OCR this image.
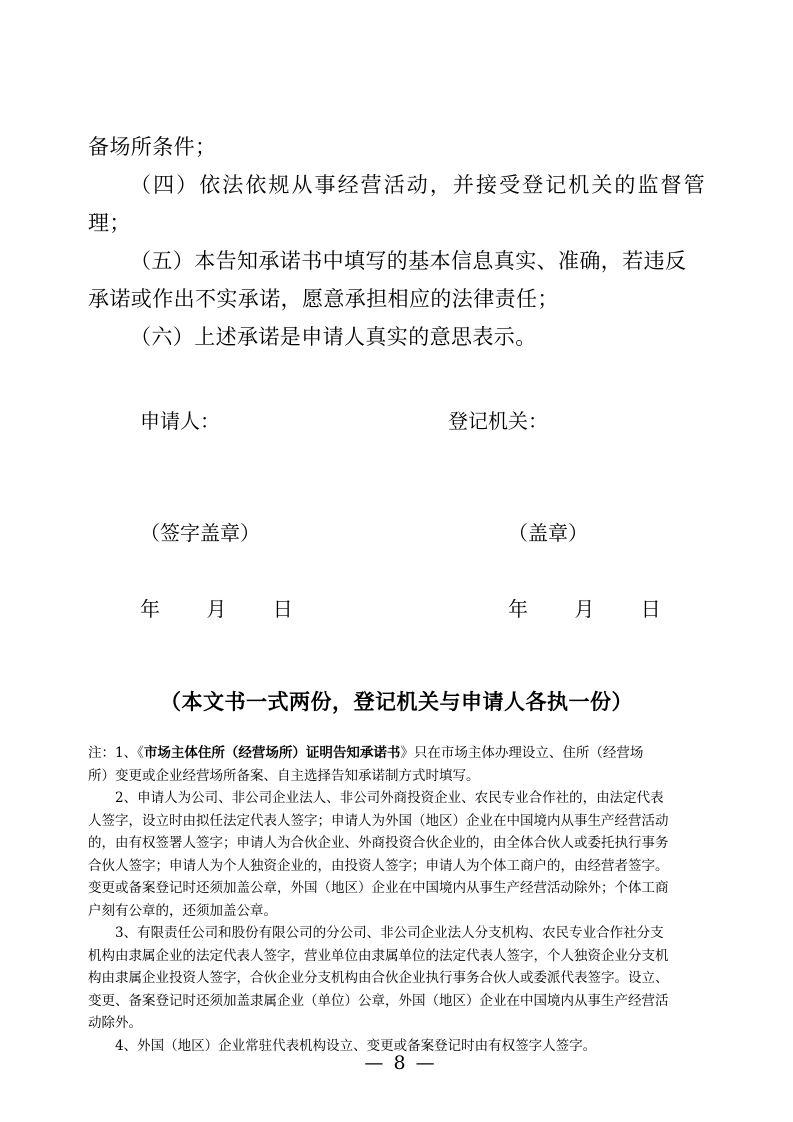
备场所条件；

（四）依法依规从事经营活动，并接受登记机关的监督管理；

（五）本告知承诺书中填写的基本信息真实、准确，若违反

承诺或作出不实承诺，愿意承担相应的法律责任；

（六）上述承诺是申请人真实的意思表示。

申请人：	登记机关：
（签字盖章）	（盖章）
年 月 日	年 月 日
（本文书一式两份，登记机关与申请人各执一份）

注：1、《市场主体住所（经营场所）证明告知承诺书》只在市场主体办理设立、住所（经营场

所）变更或企业经营场所备案、自主选择告知承诺制方式时填写。

2、申请人为公司、非公司企业法人、非公司外商投资企业、农民专业合作社的，由法定代表

人签字，设立时由拟任法定代表人签字；申请人为外国（地区）企业在中国境内从事生产经营活动

的，由有权签署人签字；申请人为合伙企业、外商投资合伙企业的，由全体合伙人或委托执行事务

合伙人签字；申请人为个人独资企业的，由投资人签字；申请人为个体工商户的，由经营者签字。

变更或备案登记时还须加盖公章，外国（地区）企业在中国境内从事生产经营活动除外；个体工商

户刻有公章的，还须加盖公章。

3、有限责任公司和股份有限公司的分公司、非公司企业法人分支机构、农民专业合作社分支

机构由隶属企业的法定代表人签字，营业单位由隶属单位的法定代表人签字，个人独资企业分支机

构由隶属企业投资人签字，合伙企业分支机构由合伙企业执行事务合伙人或委派代表签字。设立、

变更、备案登记时还须加盖隶属企业（单位）公章，外国（地区）企业在中国境内从事生产经营活

动除外。

4、外国（地区）企业常驻代表机构设立、变更或备案登记时由有权签字人签字。

— 8 —
